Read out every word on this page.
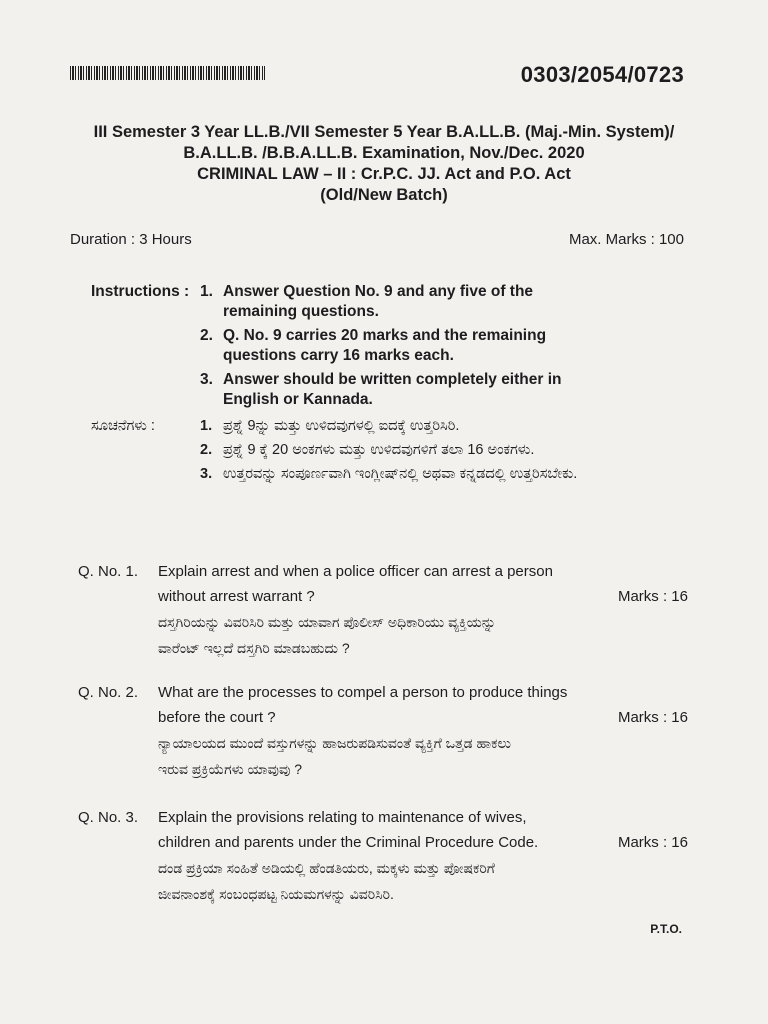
0303/2054/0723
III Semester 3 Year LL.B./VII Semester 5 Year B.A.LL.B. (Maj.-Min. System)/
B.A.LL.B. /B.B.A.LL.B. Examination, Nov./Dec. 2020
CRIMINAL LAW – II : Cr.P.C. JJ. Act and P.O. Act
(Old/New Batch)
Duration : 3 Hours	Max. Marks : 100
Instructions : 1. Answer Question No. 9 and any five of the remaining questions.
2. Q. No. 9 carries 20 marks and the remaining questions carry 16 marks each.
3. Answer should be written completely either in English or Kannada.
ಸೂಚನೆಗಳು :	1. ಪ್ರಶ್ನೆ 9ನ್ನು ಮತ್ತು ಉಳಿದವುಗಳಲ್ಲಿ ಐದಕ್ಕೆ ಉತ್ತರಿಸಿರಿ.
2. ಪ್ರಶ್ನೆ 9 ಕ್ಕೆ 20 ಅಂಕಗಳು ಮತ್ತು ಉಳಿದವುಗಳಿಗೆ ತಲಾ 16 ಅಂಕಗಳು.
3. ಉತ್ತರವನ್ನು ಸಂಪೂರ್ಣವಾಗಿ ಇಂಗ್ಲೀಷ್‌ನಲ್ಲಿ ಅಥವಾ ಕನ್ನಡದಲ್ಲಿ ಉತ್ತರಿಸಬೇಕು.
Q. No. 1.	Explain arrest and when a police officer can arrest a person
without arrest warrant ?	Marks : 16
ದಸ್ತಗಿರಿಯನ್ನು ವಿವರಿಸಿರಿ ಮತ್ತು ಯಾವಾಗ ಪೊಲೀಸ್ ಅಧಿಕಾರಿಯು ವ್ಯಕ್ತಿಯನ್ನು
ವಾರೆಂಟ್ ಇಲ್ಲದೆ ದಸ್ತಗಿರಿ ಮಾಡಬಹುದು ?
Q. No. 2.	What are the processes to compel a person to produce things
before the court ?	Marks : 16
ನ್ಯಾಯಾಲಯದ ಮುಂದೆ ವಸ್ತುಗಳನ್ನು ಹಾಜರುಪಡಿಸುವಂತೆ ವ್ಯಕ್ತಿಗೆ ಒತ್ತಡ ಹಾಕಲು
ಇರುವ ಪ್ರಕ್ರಿಯೆಗಳು ಯಾವುವು ?
Q. No. 3.	Explain the provisions relating to maintenance of wives,
children and parents under the Criminal Procedure Code.	Marks : 16
ದಂಡ ಪ್ರಕ್ರಿಯಾ ಸಂಹಿತೆ ಅಡಿಯಲ್ಲಿ ಹೆಂಡತಿಯರು, ಮಕ್ಕಳು ಮತ್ತು ಪೋಷಕರಿಗೆ
ಜೀವನಾಂಶಕ್ಕೆ ಸಂಬಂಧಪಟ್ಟ ನಿಯಮಗಳನ್ನು ವಿವರಿಸಿರಿ.
P.T.O.
